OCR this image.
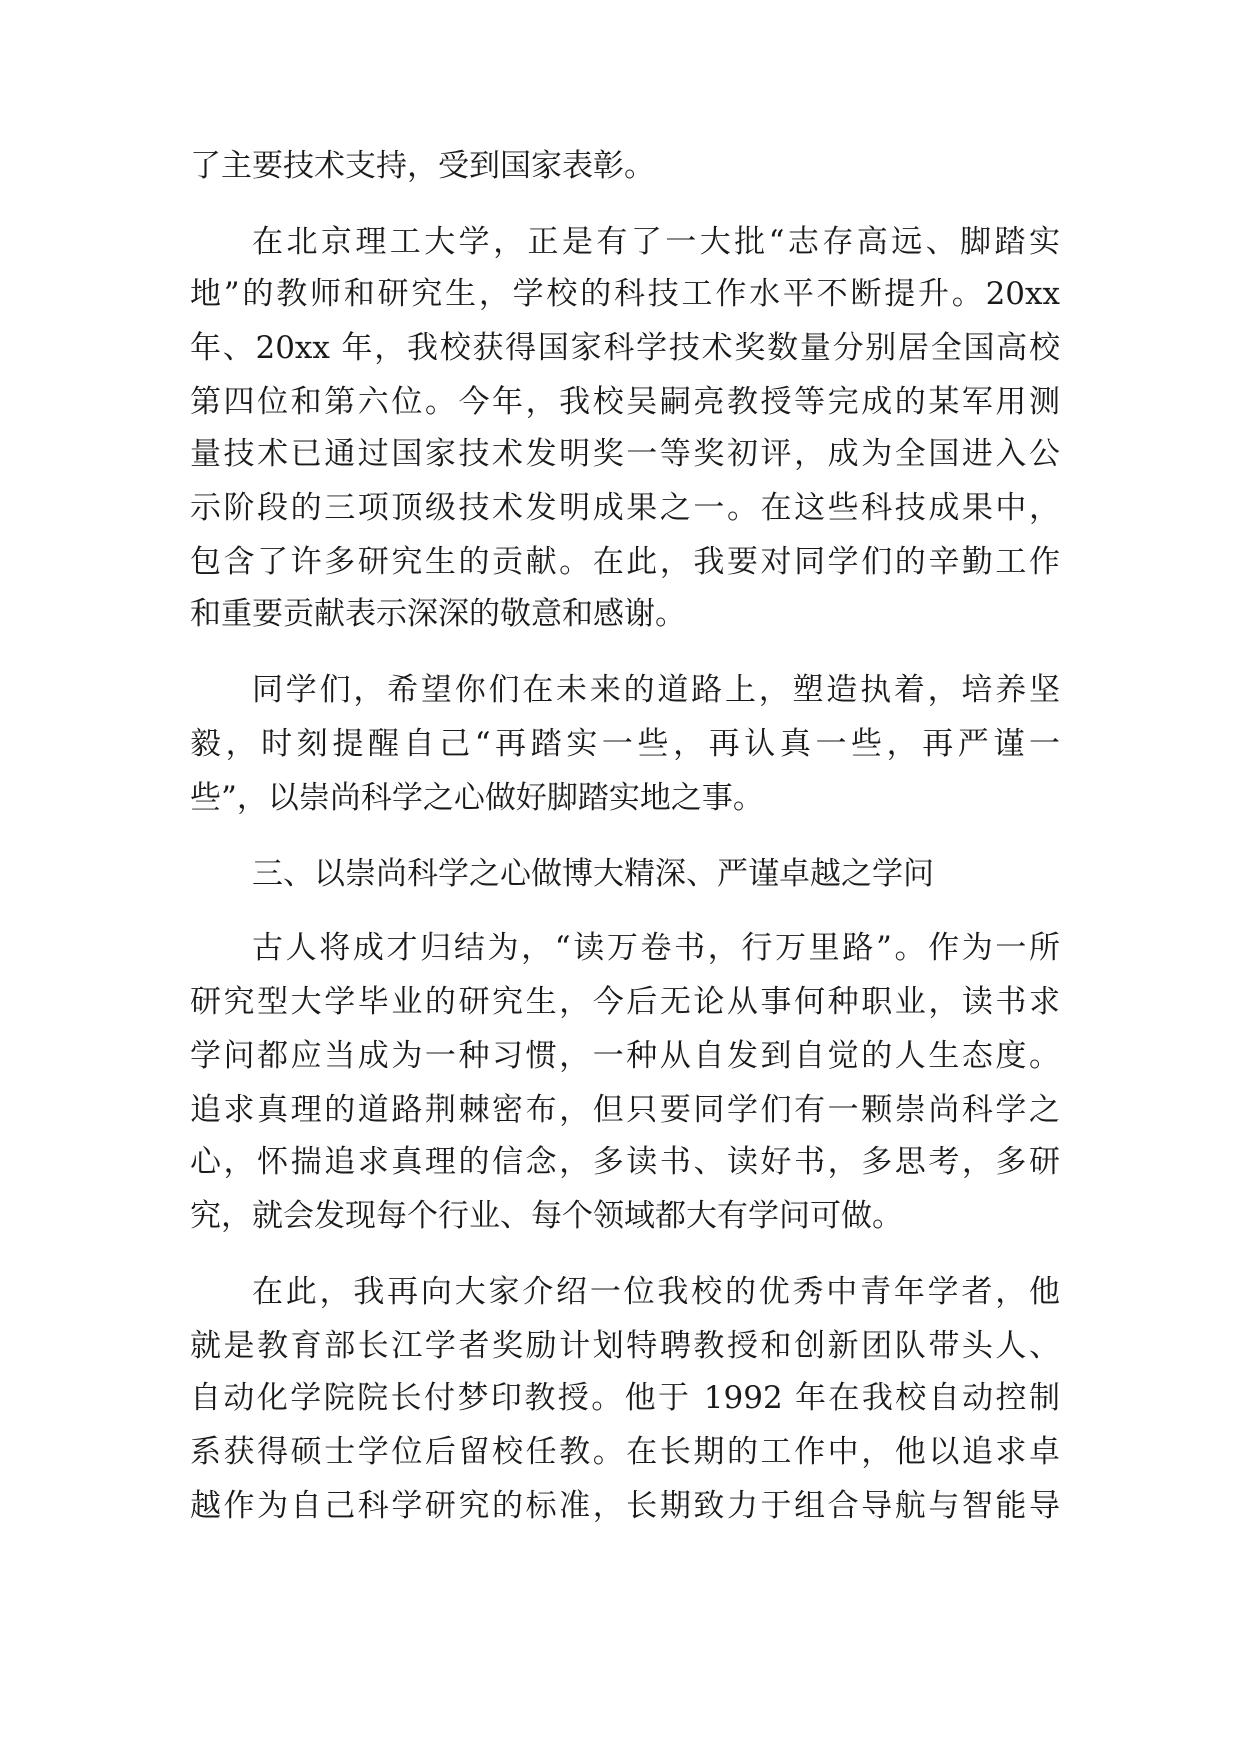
了主要技术支持，受到国家表彰。
在北京理工大学，正是有了一大批“志存高远、脚踏实
地”的教师和研究生，学校的科技工作水平不断提升。20xx
年、20xx 年，我校获得国家科学技术奖数量分别居全国高校
第四位和第六位。今年，我校吴嗣亮教授等完成的某军用测
量技术已通过国家技术发明奖一等奖初评，成为全国进入公
示阶段的三项顶级技术发明成果之一。在这些科技成果中，
包含了许多研究生的贡献。在此，我要对同学们的辛勤工作
和重要贡献表示深深的敬意和感谢。
同学们，希望你们在未来的道路上，塑造执着，培养坚
毅，时刻提醒自己“再踏实一些，再认真一些，再严谨一
些”，以崇尚科学之心做好脚踏实地之事。
三、以崇尚科学之心做博大精深、严谨卓越之学问
古人将成才归结为，“读万卷书，行万里路”。作为一所
研究型大学毕业的研究生，今后无论从事何种职业，读书求
学问都应当成为一种习惯，一种从自发到自觉的人生态度。
追求真理的道路荆棘密布，但只要同学们有一颗崇尚科学之
心，怀揣追求真理的信念，多读书、读好书，多思考，多研
究，就会发现每个行业、每个领域都大有学问可做。
在此，我再向大家介绍一位我校的优秀中青年学者，他
就是教育部长江学者奖励计划特聘教授和创新团队带头人、
自动化学院院长付梦印教授。他于 1992 年在我校自动控制
系获得硕士学位后留校任教。在长期的工作中，他以追求卓
越作为自己科学研究的标准，长期致力于组合导航与智能导
